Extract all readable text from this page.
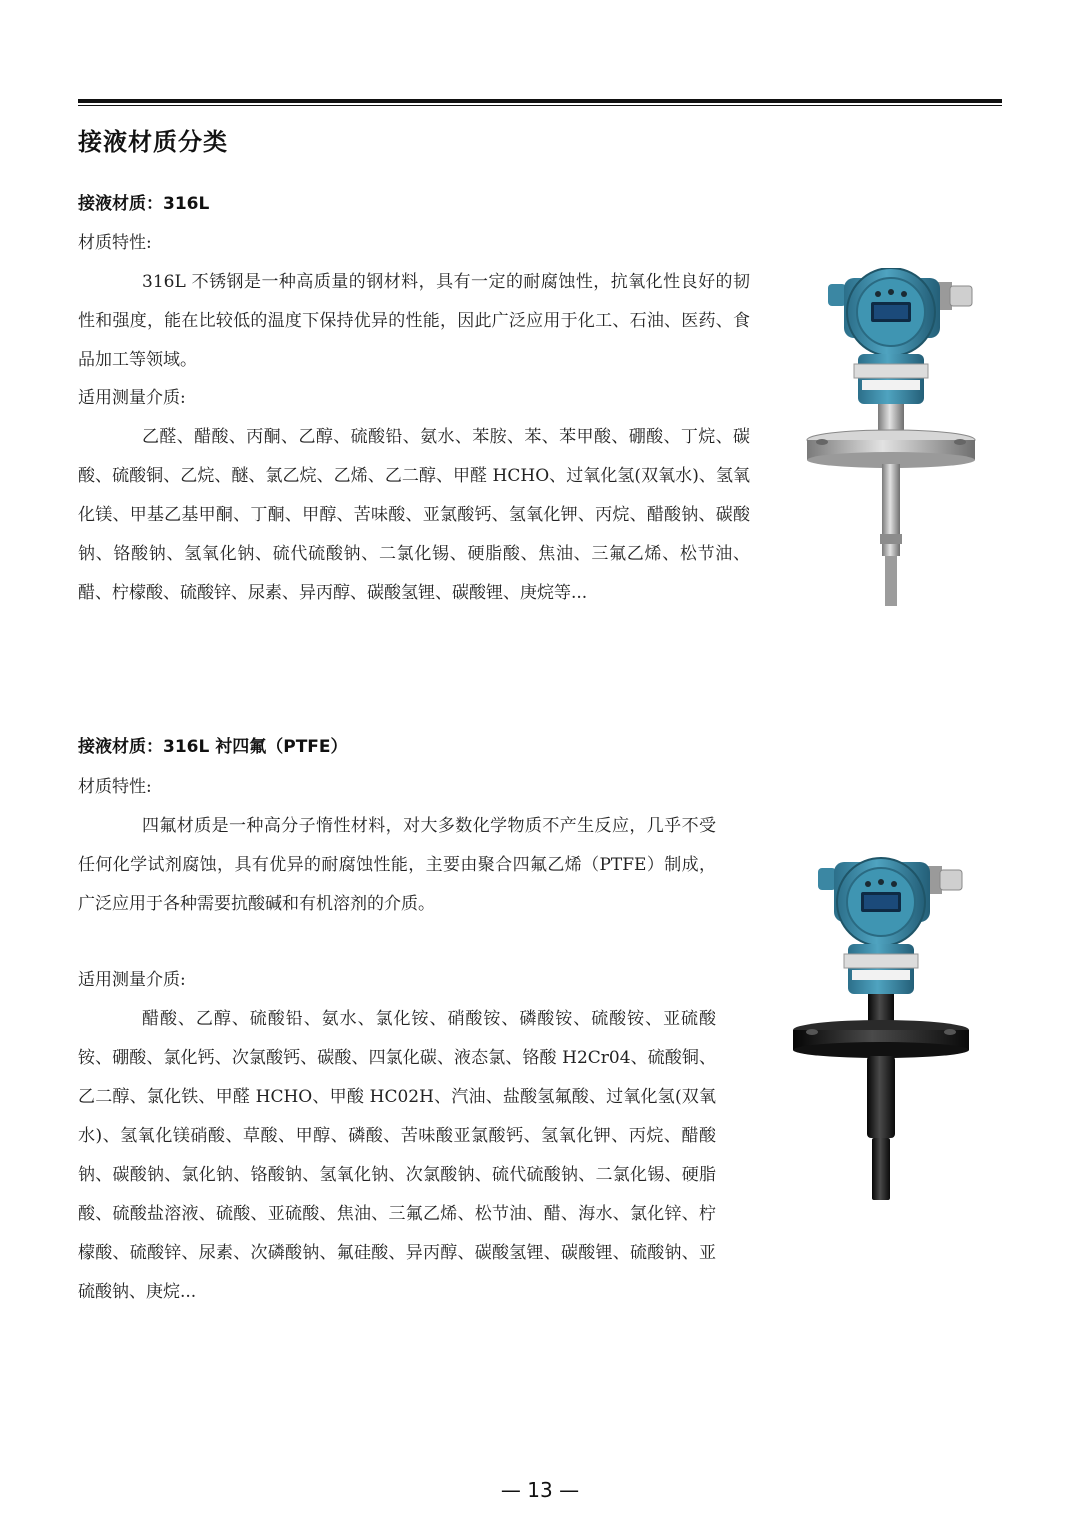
接液材质分类
接液材质：316L
材质特性:

316L 不锈钢是一种高质量的钢材料，具有一定的耐腐蚀性，抗氧化性良好的韧性和强度，能在比较低的温度下保持优异的性能，因此广泛应用于化工、石油、医药、食品加工等领域。

适用测量介质:

乙醛、醋酸、丙酮、乙醇、硫酸铅、氨水、苯胺、苯、苯甲酸、硼酸、丁烷、碳酸、硫酸铜、乙烷、醚、氯乙烷、乙烯、乙二醇、甲醛 HCHO、过氧化氢(双氧水)、氢氧化镁、甲基乙基甲酮、丁酮、甲醇、苦味酸、亚氯酸钙、氢氧化钾、丙烷、醋酸钠、碳酸钠、铬酸钠、氢氧化钠、硫代硫酸钠、二氯化锡、硬脂酸、焦油、三氟乙烯、松节油、醋、柠檬酸、硫酸锌、尿素、异丙醇、碳酸氢锂、碳酸锂、庚烷等...

接液材质：316L 衬四氟（PTFE）
材质特性:

四氟材质是一种高分子惰性材料，对大多数化学物质不产生反应，几乎不受任何化学试剂腐蚀，具有优异的耐腐蚀性能，主要由聚合四氟乙烯（PTFE）制成，广泛应用于各种需要抗酸碱和有机溶剂的介质。

适用测量介质:

醋酸、乙醇、硫酸铅、氨水、氯化铵、硝酸铵、磷酸铵、硫酸铵、亚硫酸铵、硼酸、氯化钙、次氯酸钙、碳酸、四氯化碳、液态氯、铬酸 H2Cr04、硫酸铜、乙二醇、氯化铁、甲醛 HCHO、甲酸 HC02H、汽油、盐酸氢氟酸、过氧化氢(双氧水)、氢氧化镁硝酸、草酸、甲醇、磷酸、苦味酸亚氯酸钙、氢氧化钾、丙烷、醋酸钠、碳酸钠、氯化钠、铬酸钠、氢氧化钠、次氯酸钠、硫代硫酸钠、二氯化锡、硬脂酸、硫酸盐溶液、硫酸、亚硫酸、焦油、三氟乙烯、松节油、醋、海水、氯化锌、柠檬酸、硫酸锌、尿素、次磷酸钠、氟硅酸、异丙醇、碳酸氢锂、碳酸锂、硫酸钠、亚硫酸钠、庚烷...

— 13 —
